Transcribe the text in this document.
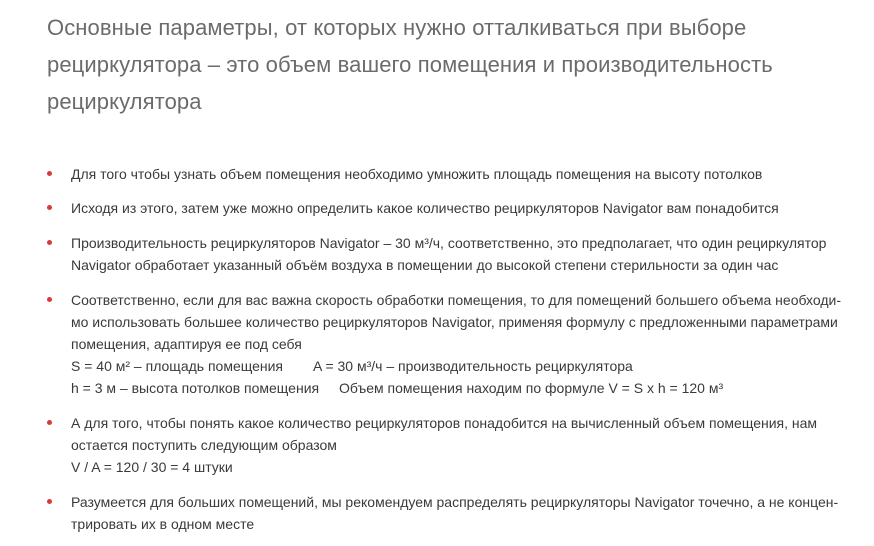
Основные параметры, от которых нужно отталкиваться при выборе рециркулятора – это объем вашего помещения и производительность рециркулятора

Для того чтобы узнать объем помещения необходимо умножить площадь помещения на высоту потолков

Исходя из этого, затем уже можно определить какое количество рециркуляторов Navigator вам понадобится

Производительность рециркуляторов Navigator – 30 м³/ч, соответственно, это предполагает, что один рециркулятор

Navigator обработает указанный объём воздуха в помещении до высокой степени стерильности за один час

Соответственно, если для вас важна скорость обработки помещения, то для помещений большего объема необходи-

мо использовать большее количество рециркуляторов Navigator, применяя формулу с предложенными параметрами

помещения, адаптируя ее под себя

S = 40 м² – площадь помещения A = 30 м³/ч – производительность рециркулятора

h = 3 м – высота потолков помещения Объем помещения находим по формуле V = S x h = 120 м³

А для того, чтобы понять какое количество рециркуляторов понадобится на вычисленный объем помещения, нам

остается поступить следующим образом

V / A = 120 / 30 = 4 штуки

Разумеется для больших помещений, мы рекомендуем распределять рециркуляторы Navigator точечно, а не концен-

трировать их в одном месте
